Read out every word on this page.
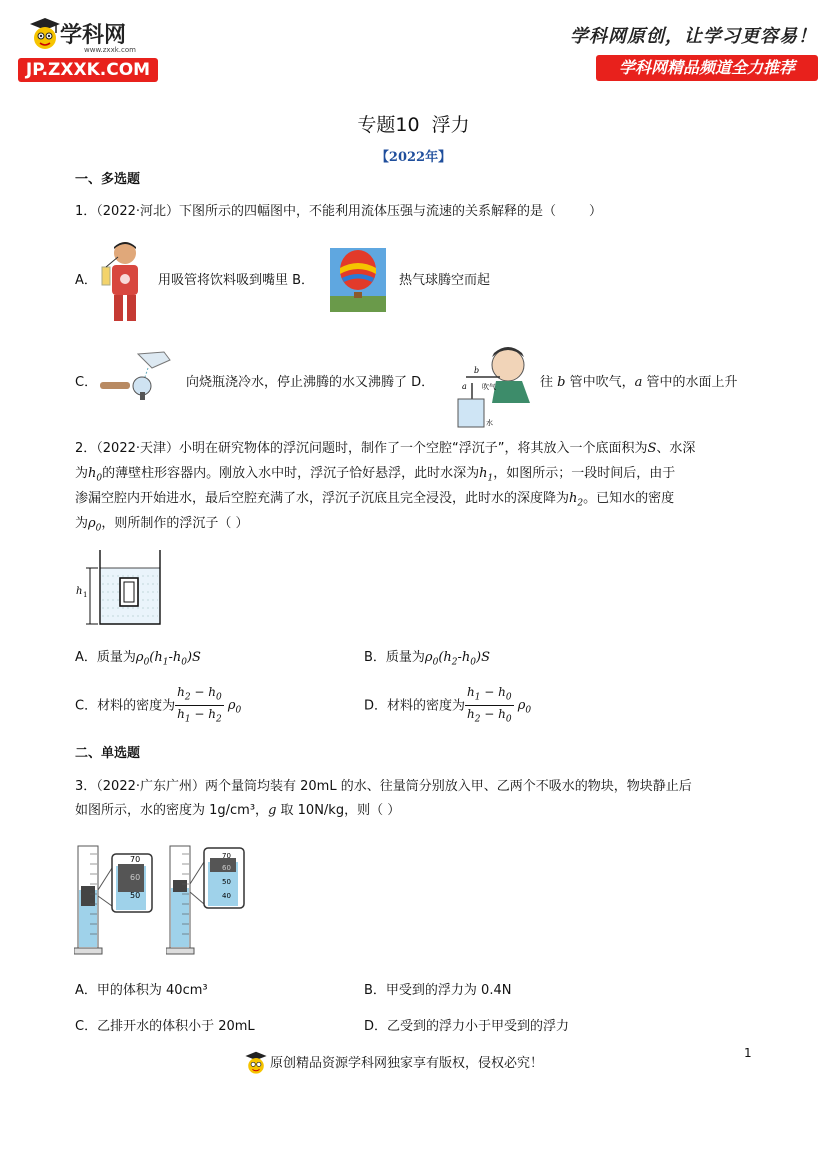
学科网
www.zxxk.com
JP.ZXXK.COM
学科网原创，让学习更容易！
学科网精品频道全力推荐
专题10  浮力
【2022年】
一、多选题
1．（2022·河北）下图所示的四幅图中，不能利用流体压强与流速的关系解释的是（        ）
A．	用吸管将饮料吸到嘴里 B．	热气球腾空而起
C．	向烧瓶浇冷水，停止沸腾的水又沸腾了 D．
b
a 吹气
水
往 b 管中吹气，a 管中的水面上升
2．（2022·天津）小明在研究物体的浮沉问题时，制作了一个空腔“浮沉子”，将其放入一个底面积为S、水深
为$h_0$的薄壁柱形容器内。刚放入水中时，浮沉子恰好悬浮，此时水深为$h_1$，如图所示；一段时间后，由于
渗漏空腔内开始进水，最后空腔充满了水，浮沉子沉底且完全浸没，此时水的深度降为$h_2$。已知水的密度
为$\rho_0$，则所制作的浮沉子（ ）
h 1
A．质量为$\rho_0(h_1-h_0)S$	B．质量为$\rho_0(h_2-h_0)S$
C．材料的密度为 $\frac{h_2 - h_0}{h_1 - h_2} \rho_0$	D．材料的密度为 $\frac{h_1 - h_0}{h_2 - h_0} \rho_0$
二、单选题
3．（2022·广东广州）两个量筒均装有 20mL 的水、往量筒分别放入甲、乙两个不吸水的物块，物块静止后
如图所示，水的密度为 1g/cm³，g 取 10N/kg，则（ ）
70
60
50
70
60
50
40
A．甲的体积为 40cm³	B．甲受到的浮力为 0.4N
C．乙排开水的体积小于 20mL	D．乙受到的浮力小于甲受到的浮力
1
原创精品资源学科网独家享有版权，侵权必究！
